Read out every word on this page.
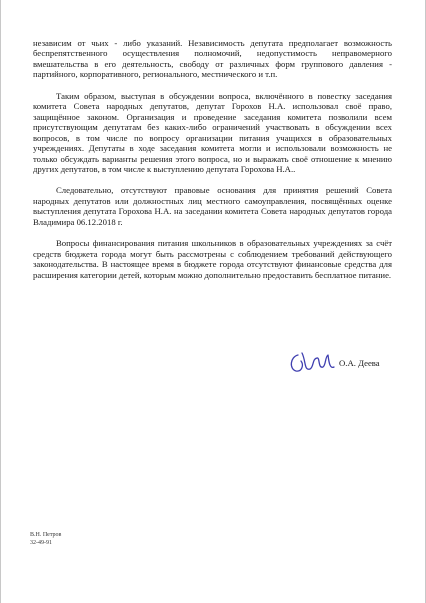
независим от чьих - либо указаний. Независимость депутата предполагает возможность беспрепятственного осуществления полномочий, недопустимость неправомерного вмешательства в его деятельность, свободу от различных форм группового давления - партийного, корпоративного, регионального, местнического и т.п.

Таким образом, выступая в обсуждении вопроса, включённого в повестку заседания комитета Совета народных депутатов, депутат Горохов Н.А. использовал своё право, защищённое законом. Организация и проведение заседания комитета позволили всем присутствующим депутатам без каких-либо ограничений участвовать в обсуждении всех вопросов, в том числе по вопросу организации питания учащихся в образовательных учреждениях. Депутаты в ходе заседания комитета могли и использовали возможность не только обсуждать варианты решения этого вопроса, но и выражать своё отношение к мнению других депутатов, в том числе к выступлению депутата Горохова Н.А..

Следовательно, отсутствуют правовые основания для принятия решений Совета народных депутатов или должностных лиц местного самоуправления, посвящённых оценке выступления депутата Горохова Н.А. на заседании комитета Совета народных депутатов города Владимира 06.12.2018 г.

Вопросы финансирования питания школьников в образовательных учреждениях за счёт средств бюджета города могут быть рассмотрены с соблюдением требований действующего законодательства. В настоящее время в бюджете города отсутствуют финансовые средства для расширения категории детей, которым можно дополнительно предоставить бесплатное питание.

О.А. Деева
В.Н. Петров
32-49-91
